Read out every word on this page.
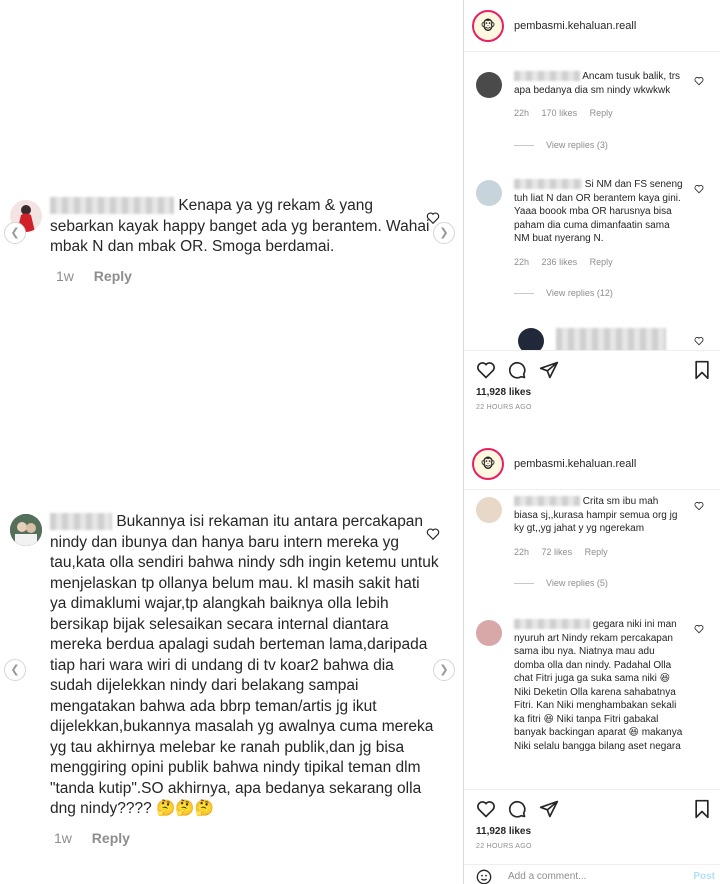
Kenapa ya yg rekam & yang sebarkan kayak happy banget ada yg berantem. Wahai mbak N dan mbak OR. Smoga berdamai.
1w Reply
❮	❯
Bukannya isi rekaman itu antara percakapan nindy dan ibunya dan hanya baru intern mereka yg tau,kata olla sendiri bahwa nindy sdh ingin ketemu untuk menjelaskan tp ollanya belum mau. kl masih sakit hati ya dimaklumi wajar,tp alangkah baiknya olla lebih bersikap bijak selesaikan secara internal diantara mereka berdua apalagi sudah berteman lama,daripada tiap hari wara wiri di undang di tv koar2 bahwa dia sudah dijelekkan nindy dari belakang sampai mengatakan bahwa ada bbrp teman/artis jg ikut dijelekkan,bukannya masalah yg awalnya cuma mereka yg tau akhirnya melebar ke ranah publik,dan jg bisa menggiring opini publik bahwa nindy tipikal teman dlm "tanda kutip".SO akhirnya, apa bedanya sekarang olla dng nindy???? 🤔🤔🤔
1w Reply
❮	❯
🐵	pembasmi.kehaluan.reall
Ancam tusuk balik, trs apa bedanya dia sm nindy wkwkwk
22h 170 likes Reply
View replies (3)
Si NM dan FS seneng tuh liat N dan OR berantem kaya gini. Yaaa boook mba OR harusnya bisa paham dia cuma dimanfaatin sama NM buat nyerang N.
22h 236 likes Reply
View replies (12)
11,928 likes
22 HOURS AGO
🐵	pembasmi.kehaluan.reall
Crita sm ibu mah biasa sj,,kurasa hampir semua org jg ky gt,,yg jahat y yg ngerekam
22h 72 likes Reply
View replies (5)
gegara niki ini man nyuruh art Nindy rekam percakapan sama ibu nya. Niatnya mau adu domba olla dan nindy. Padahal Olla chat Fitri juga ga suka sama niki 😆 Niki Deketin Olla karena sahabatnya Fitri. Kan Niki menghambakan sekali ka fitri 😆 Niki tanpa Fitri gabakal banyak backingan aparat 😆 makanya Niki selalu bangga bilang aset negara
11,928 likes
22 HOURS AGO
Add a comment...	Post
